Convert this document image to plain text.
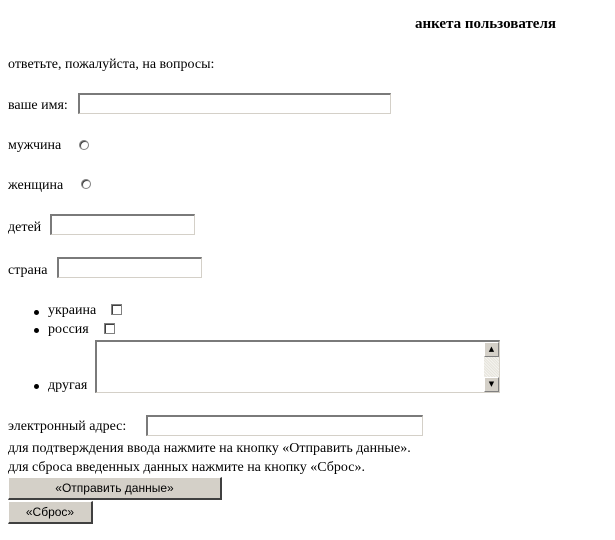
анкета пользователя
ответьте, пожалуйста, на вопросы:
ваше имя:
мужчина
женщина
детей
страна
украина
россия
другая
▲
▼
электронный адрес:
для подтверждения ввода нажмите на кнопку «Отправить данные».
для сброса введенных данных нажмите на кнопку «Сброс».
«Отправить данные»
«Сброс»
